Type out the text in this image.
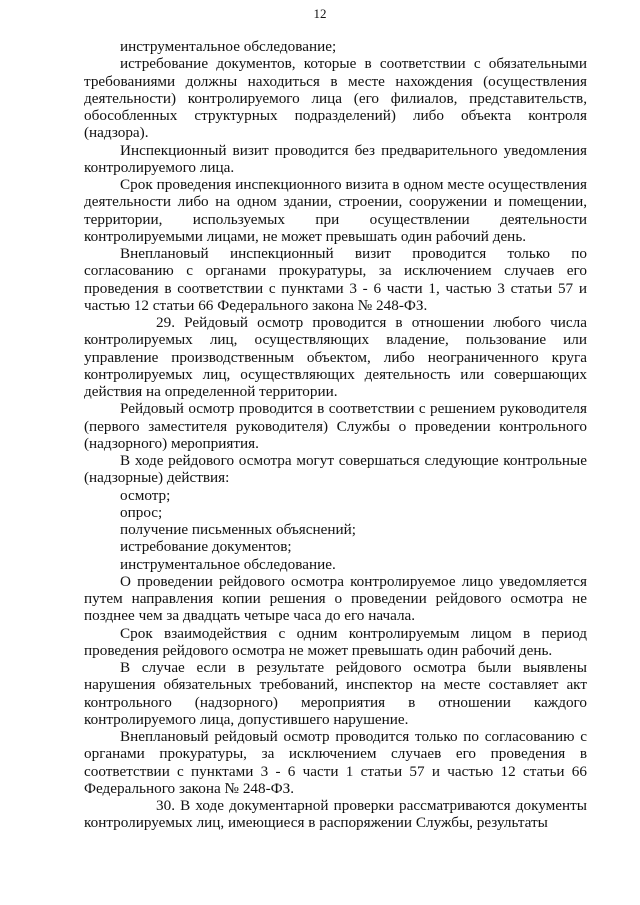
12

инструментальное обследование;

истребование документов, которые в соответствии с обязательными требованиями должны находиться в месте нахождения (осуществления деятельности) контролируемого лица (его филиалов, представительств, обособленных структурных подразделений) либо объекта контроля (надзора).

Инспекционный визит проводится без предварительного уведомления контролируемого лица.

Срок проведения инспекционного визита в одном месте осуществления деятельности либо на одном здании, строении, сооружении и помещении, территории, используемых при осуществлении деятельности контролируемыми лицами, не может превышать один рабочий день.

Внеплановый инспекционный визит проводится только по согласованию с органами прокуратуры, за исключением случаев его проведения в соответствии с пунктами 3 - 6 части 1, частью 3 статьи 57 и частью 12 статьи 66 Федерального закона № 248-ФЗ.

29. Рейдовый осмотр проводится в отношении любого числа контролируемых лиц, осуществляющих владение, пользование или управление производственным объектом, либо неограниченного круга контролируемых лиц, осуществляющих деятельность или совершающих действия на определенной территории.

Рейдовый осмотр проводится в соответствии с решением руководителя (первого заместителя руководителя) Службы о проведении контрольного (надзорного) мероприятия.

В ходе рейдового осмотра могут совершаться следующие контрольные (надзорные) действия:

осмотр;

опрос;

получение письменных объяснений;

истребование документов;

инструментальное обследование.

О проведении рейдового осмотра контролируемое лицо уведомляется путем направления копии решения о проведении рейдового осмотра не позднее чем за двадцать четыре часа до его начала.

Срок взаимодействия с одним контролируемым лицом в период проведения рейдового осмотра не может превышать один рабочий день.

В случае если в результате рейдового осмотра были выявлены нарушения обязательных требований, инспектор на месте составляет акт контрольного (надзорного) мероприятия в отношении каждого контролируемого лица, допустившего нарушение.

Внеплановый рейдовый осмотр проводится только по согласованию с органами прокуратуры, за исключением случаев его проведения в соответствии с пунктами 3 - 6 части 1 статьи 57 и частью 12 статьи 66 Федерального закона № 248-ФЗ.

30. В ходе документарной проверки рассматриваются документы контролируемых лиц, имеющиеся в распоряжении Службы, результаты
